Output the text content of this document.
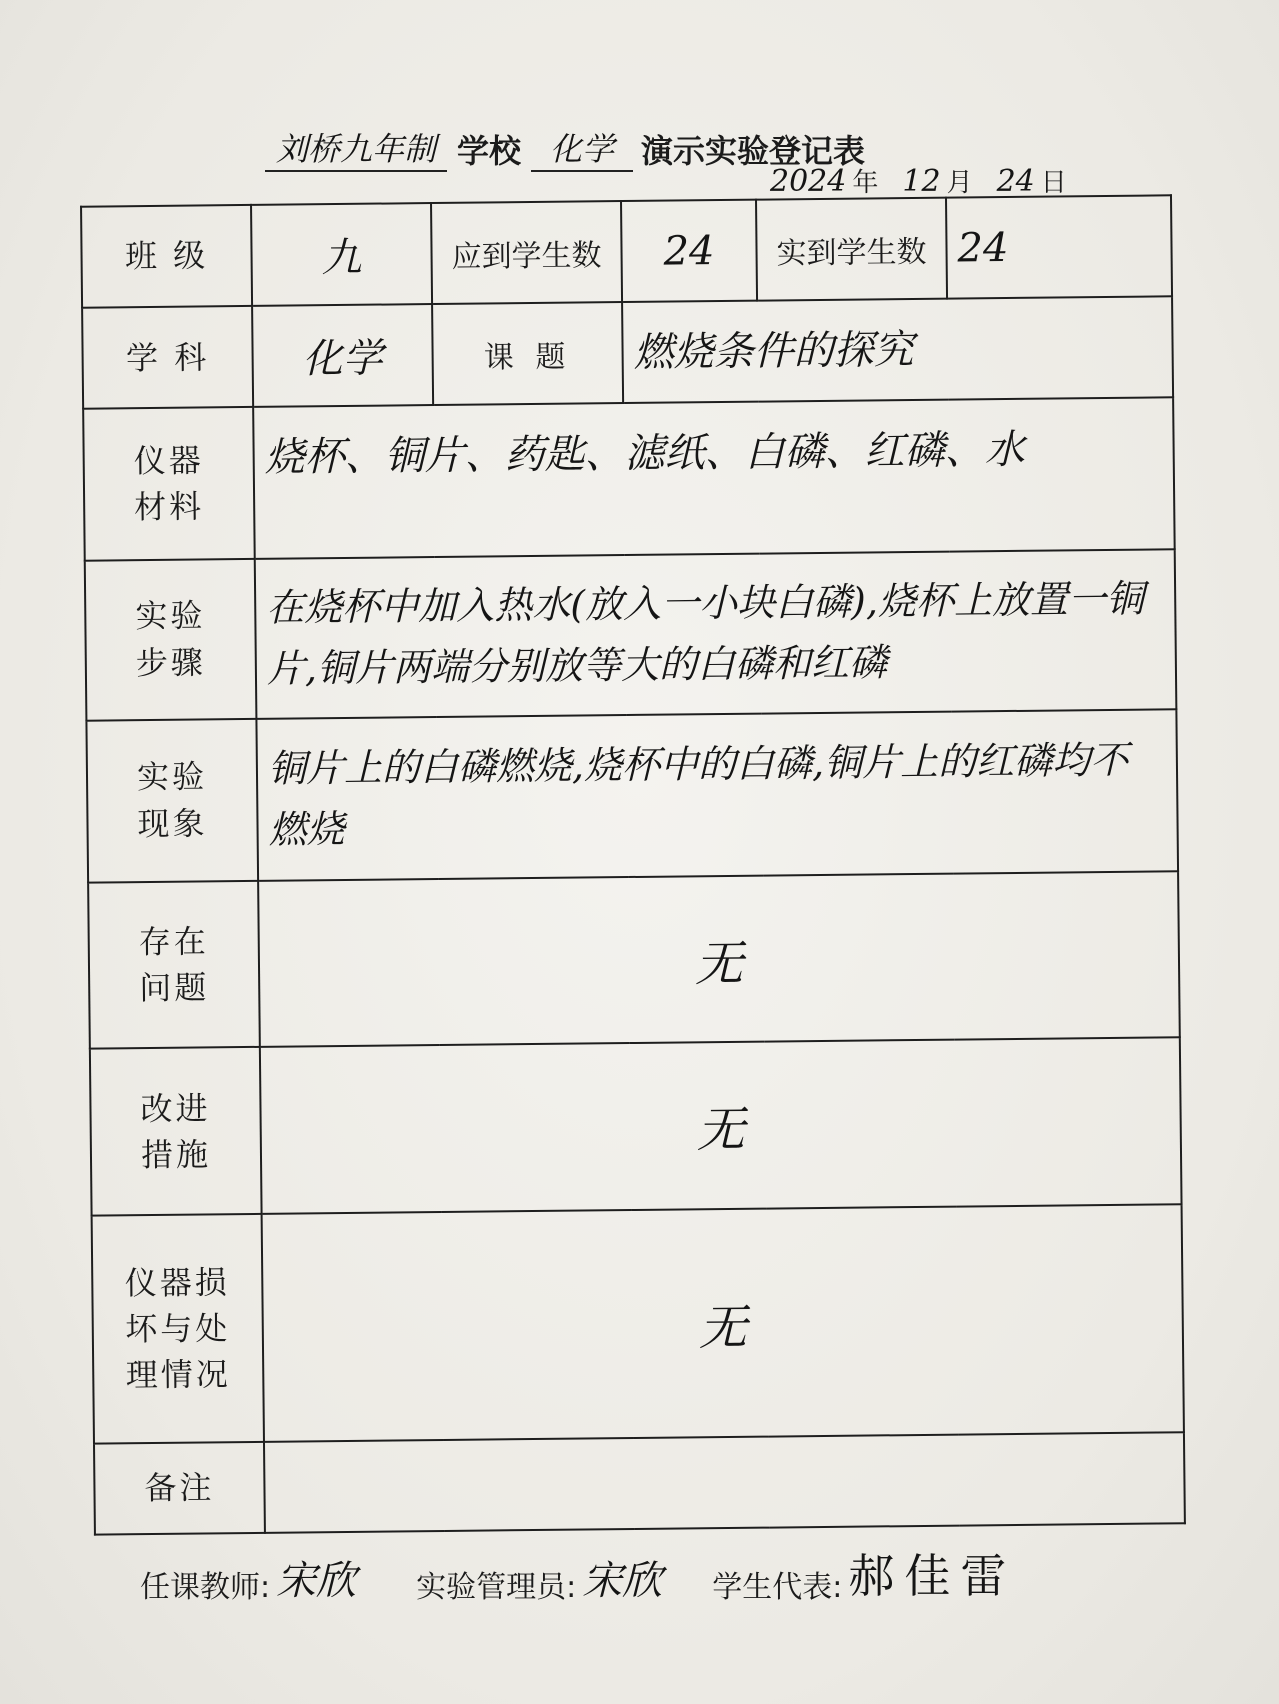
刘桥九年制 学校 化学 演示实验登记表
2024 年 12 月 24 日
班 级	九	应到学生数	24	实到学生数	24
学 科	化学	课 题	燃烧条件的探究		

仪器材料	烧杯、铜片、药匙、滤纸、白磷、红磷、水				

实验步骤	在烧杯中加入热水(放入一小块白磷),烧杯上放置一铜片,铜片两端分别放等大的白磷和红磷				

实验现象	铜片上的白磷燃烧,烧杯中的白磷,铜片上的红磷均不燃烧				

存在问题	无				

改进措施	无				

仪器损坏与处理情况	无				
备注					
任课教师: 宋欣 实验管理员: 宋欣 学生代表: 郝佳雷
